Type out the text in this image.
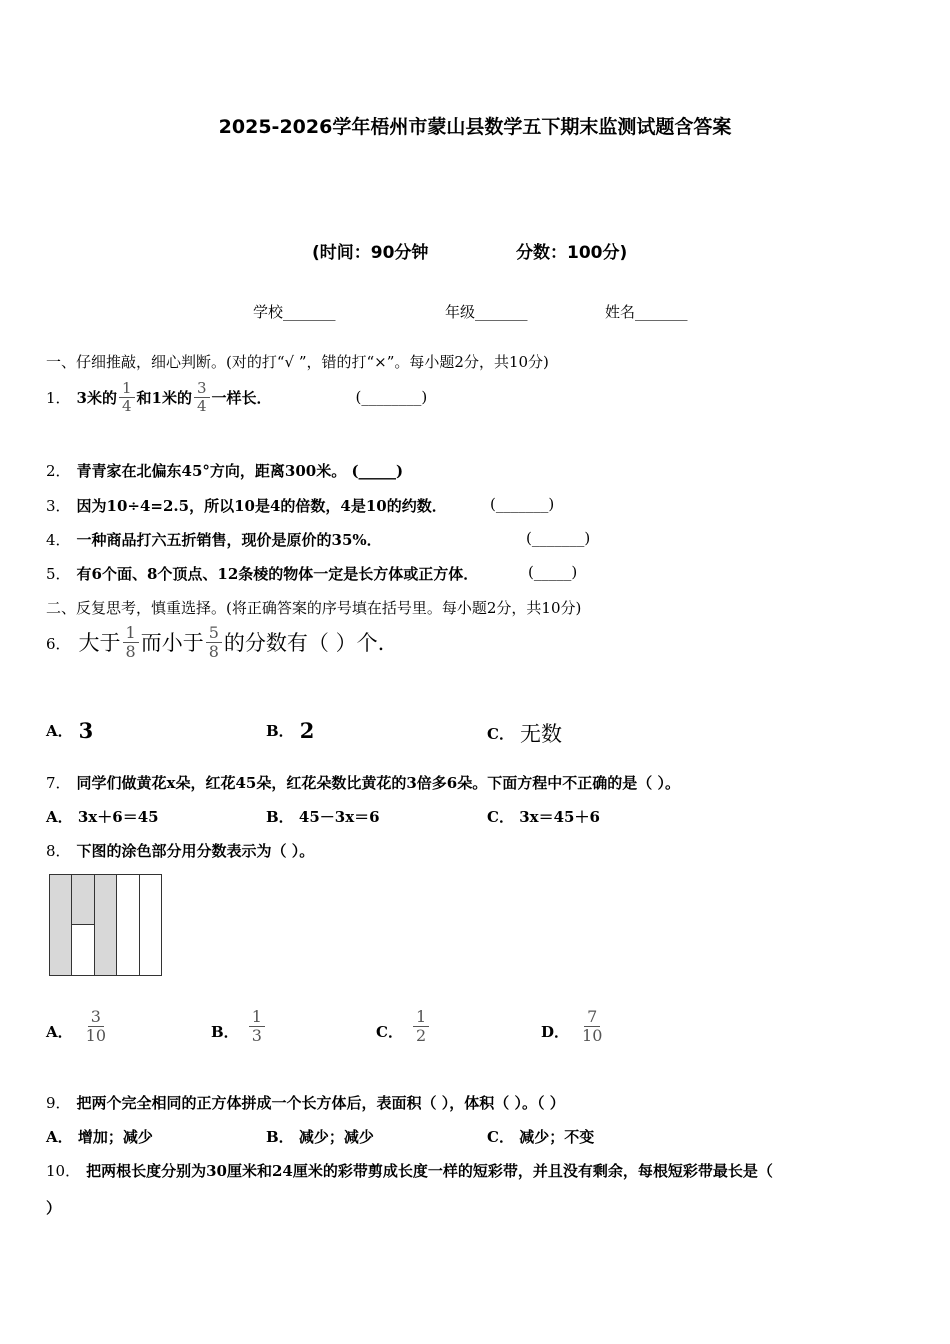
2025-2026学年梧州市蒙山县数学五下期末监测试题含答案
(时间：90分钟	分数：100分)
学校_______	年级_______	姓名_______
一、仔细推敲，细心判断。(对的打“√ ”，错的打“×”。每小题2分，共10分)
1． 3米的 $\frac{1}{4}$ 和1米的 $\frac{3}{4}$ 一样长．	(________)
2． 青青家在北偏东45°方向，距离300米。 (_____)
3． 因为10÷4=2.5，所以10是4的倍数，4是10的约数．	(_______)
4． 一种商品打六五折销售，现价是原价的35%．	(_______)
5． 有6个面、8个顶点、12条棱的物体一定是长方体或正方体．	(_____)
二、反复思考，慎重选择。(将正确答案的序号填在括号里。每小题2分，共10分)
6． 大于 $\frac{1}{8}$ 而小于 $\frac{5}{8}$ 的分数有（ ）个.
A． 3	B． 2	C． 无数
7． 同学们做黄花x朵，红花45朵，红花朵数比黄花的3倍多6朵。下面方程中不正确的是（ ）。
A． 3x＋6＝45	B． 45－3x＝6	C． 3x＝45＋6
8． 下图的涂色部分用分数表示为（ ）。
A． $\frac{3}{10}$	B． $\frac{1}{3}$	C． $\frac{1}{2}$	D． $\frac{7}{10}$
9． 把两个完全相同的正方体拼成一个长方体后，表面积（ ），体积（ ）。（ ）
A． 增加；减少	B． 减少；减少	C． 减少；不变
10． 把两根长度分别为30厘米和24厘米的彩带剪成长度一样的短彩带，并且没有剩余，每根短彩带最长是（
）
